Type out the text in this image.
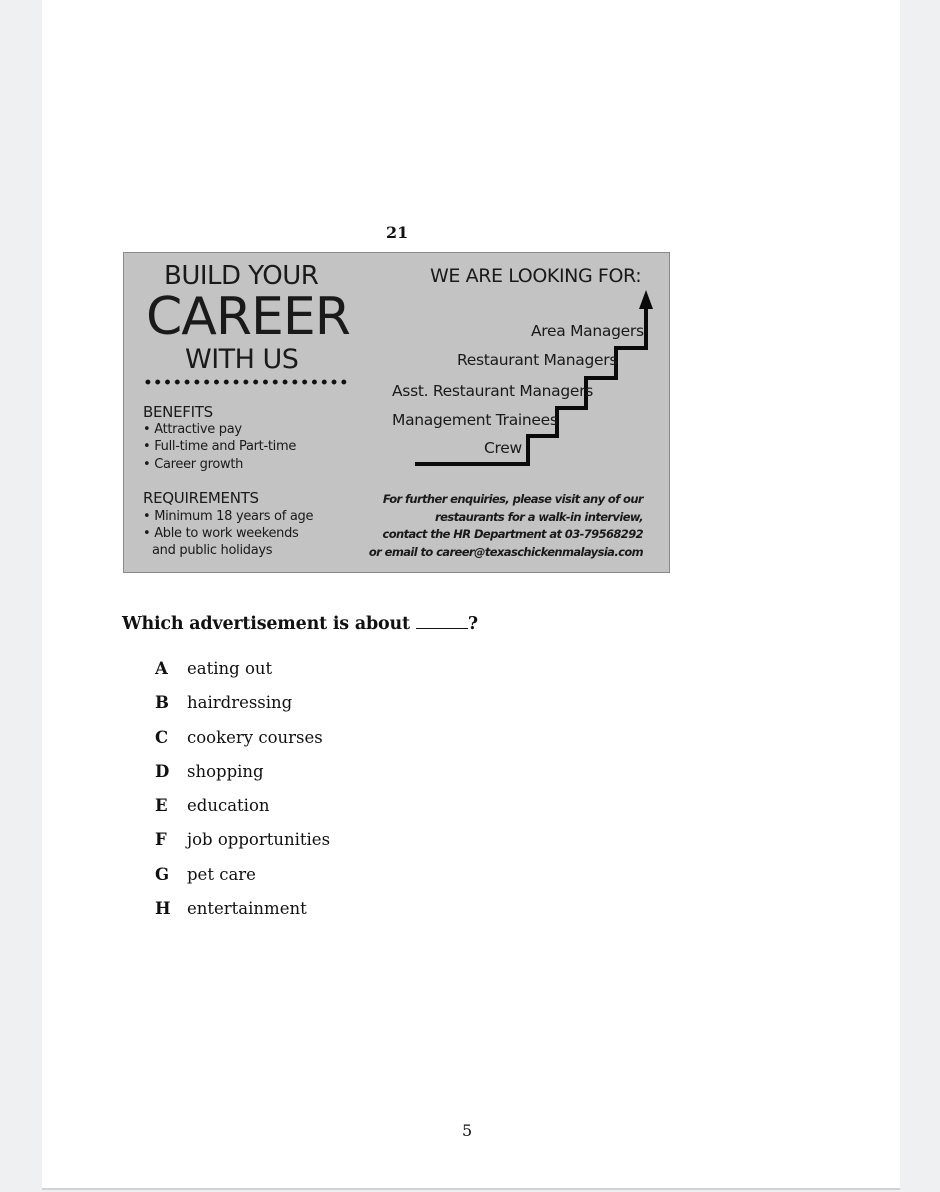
21
BUILD YOUR
CAREER
WITH US
BENEFITS
• Attractive pay
• Full-time and Part-time
• Career growth
REQUIREMENTS
• Minimum 18 years of age
• Able to work weekends
and public holidays
WE ARE LOOKING FOR:
Area Managers
Restaurant Managers
Asst. Restaurant Managers
Management Trainees
Crew
For further enquiries, please visit any of our
restaurants for a walk-in interview,
contact the HR Department at 03-79568292
or email to career@texaschickenmalaysia.com
Which advertisement is about	?
A eating out
B hairdressing
C cookery courses
D shopping
E education
F job opportunities
G pet care
H entertainment
5
